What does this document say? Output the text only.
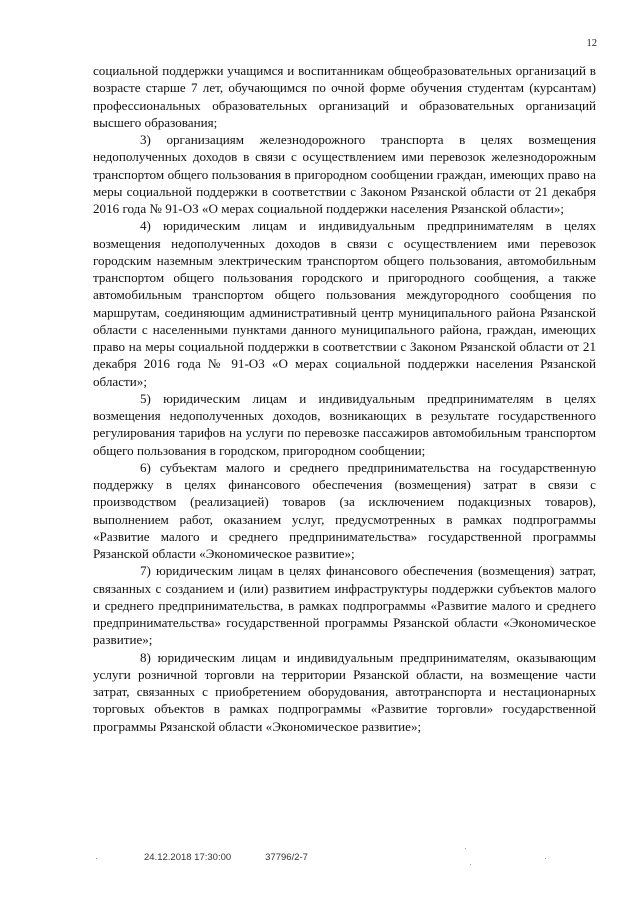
12

социальной поддержки учащимся и воспитанникам общеобразовательных организаций в возрасте старше 7 лет, обучающимся по очной форме обучения студентам (курсантам) профессиональных образовательных организаций и образовательных организаций высшего образования;

3) организациям железнодорожного транспорта в целях возмещения недополученных доходов в связи с осуществлением ими перевозок железнодорожным транспортом общего пользования в пригородном сообщении граждан, имеющих право на меры социальной поддержки в соответствии с Законом Рязанской области от 21 декабря 2016 года № 91-ОЗ «О мерах социальной поддержки населения Рязанской области»;

4) юридическим лицам и индивидуальным предпринимателям в целях возмещения недополученных доходов в связи с осуществлением ими перевозок городским наземным электрическим транспортом общего пользования, автомобильным транспортом общего пользования городского и пригородного сообщения, а также автомобильным транспортом общего пользования междугородного сообщения по маршрутам, соединяющим административный центр муниципального района Рязанской области с населенными пунктами данного муниципального района, граждан, имеющих право на меры социальной поддержки в соответствии с Законом Рязанской области от 21 декабря 2016 года № 91-ОЗ «О мерах социальной поддержки населения Рязанской области»;

5) юридическим лицам и индивидуальным предпринимателям в целях возмещения недополученных доходов, возникающих в результате государственного регулирования тарифов на услуги по перевозке пассажиров автомобильным транспортом общего пользования в городском, пригородном сообщении;

6) субъектам малого и среднего предпринимательства на государственную поддержку в целях финансового обеспечения (возмещения) затрат в связи с производством (реализацией) товаров (за исключением подакцизных товаров), выполнением работ, оказанием услуг, предусмотренных в рамках подпрограммы «Развитие малого и среднего предпринимательства» государственной программы Рязанской области «Экономическое развитие»;

7) юридическим лицам в целях финансового обеспечения (возмещения) затрат, связанных с созданием и (или) развитием инфраструктуры поддержки субъектов малого и среднего предпринимательства, в рамках подпрограммы «Развитие малого и среднего предпринимательства» государственной программы Рязанской области «Экономическое развитие»;

8) юридическим лицам и индивидуальным предпринимателям, оказывающим услуги розничной торговли на территории Рязанской области, на возмещение части затрат, связанных с приобретением оборудования, автотранспорта и нестационарных торговых объектов в рамках подпрограммы «Развитие торговли» государственной программы Рязанской области «Экономическое развитие»;

24.12.2018 17:30:00	37796/2-7
